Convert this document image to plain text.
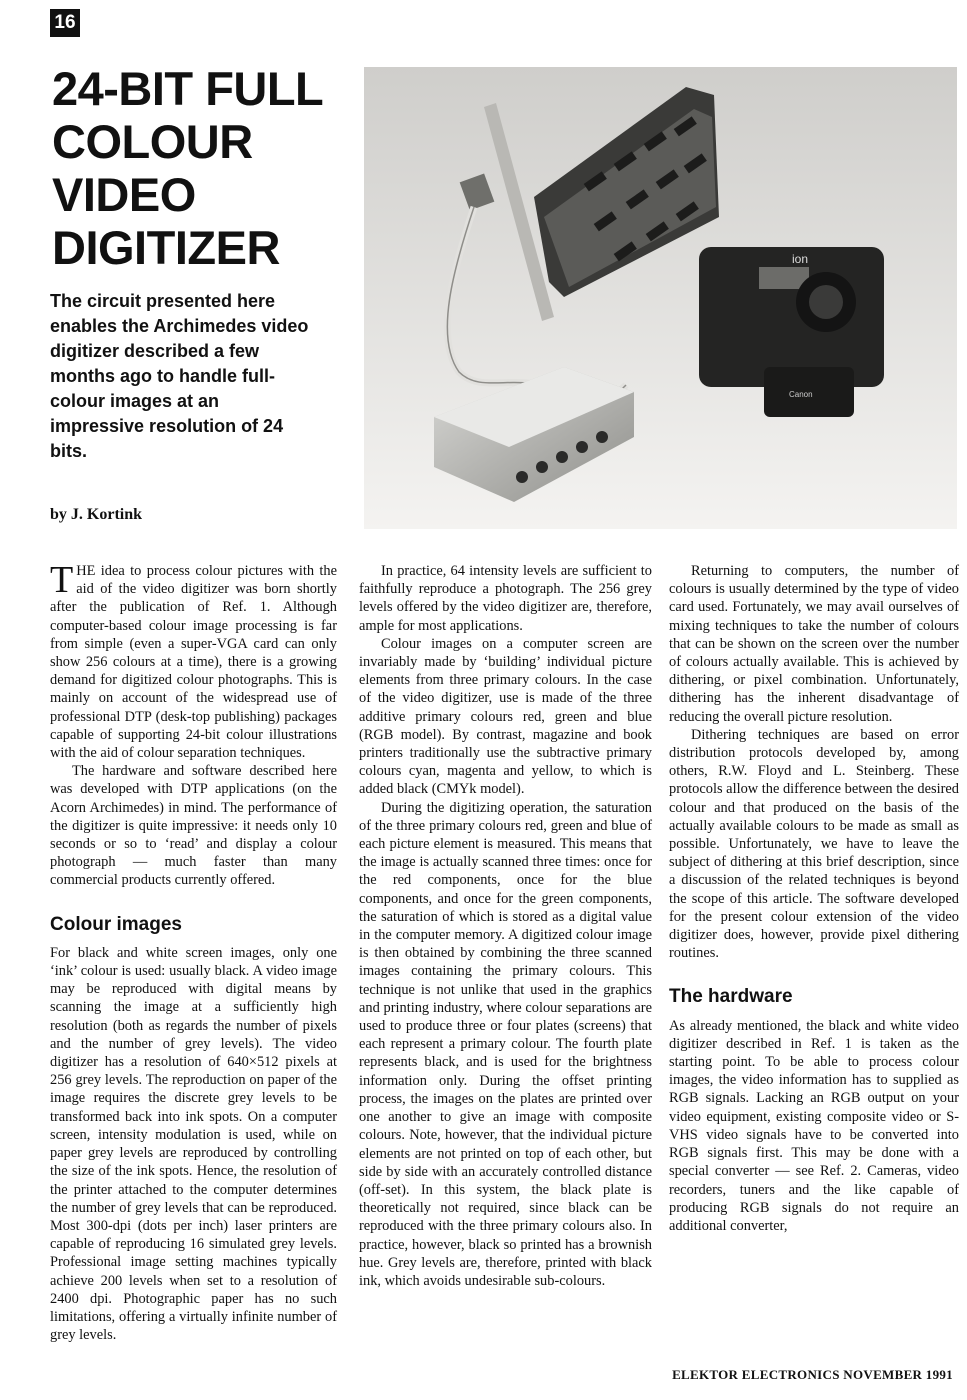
16
24-BIT FULL
COLOUR
VIDEO
DIGITIZER

The circuit presented here enables the Archimedes video digitizer described a few months ago to handle full-colour images at an impressive resolution of 24 bits.

by J. Kortink

ion
Canon

THE idea to process colour pictures with the aid of the video digitizer was born shortly after the publication of Ref. 1. Although computer-based colour image processing is far from simple (even a super-VGA card can only show 256 colours at a time), there is a growing demand for digitized colour photographs. This is mainly on account of the widespread use of professional DTP (desk-top publishing) packages capable of supporting 24-bit colour illustrations with the aid of colour separation techniques.

The hardware and software described here was developed with DTP applications (on the Acorn Archimedes) in mind. The performance of the digitizer is quite impressive: it needs only 10 seconds or so to ‘read’ and display a colour photograph — much faster than many commercial products currently offered.

Colour images

For black and white screen images, only one ‘ink’ colour is used: usually black. A video image may be reproduced with digital means by scanning the image at a sufficiently high resolution (both as regards the number of pixels and the number of grey levels). The video digitizer has a resolution of 640×512 pixels at 256 grey levels. The reproduction on paper of the image requires the discrete grey levels to be transformed back into ink spots. On a computer screen, intensity modulation is used, while on paper grey levels are reproduced by controlling the size of the ink spots. Hence, the resolution of the printer attached to the computer determines the number of grey levels that can be reproduced. Most 300-dpi (dots per inch) laser printers are capable of reproducing 16 simulated grey levels. Professional image setting machines typically achieve 200 levels when set to a resolution of 2400 dpi. Photographic paper has no such limitations, offering a virtually infinite number of grey levels.

In practice, 64 intensity levels are sufficient to faithfully reproduce a photograph. The 256 grey levels offered by the video digitizer are, therefore, ample for most applications.

Colour images on a computer screen are invariably made by ‘building’ individual picture elements from three primary colours. In the case of the video digitizer, use is made of the three additive primary colours red, green and blue (RGB model). By contrast, magazine and book printers traditionally use the subtractive primary colours cyan, magenta and yellow, to which is added black (CMYk model).

During the digitizing operation, the saturation of the three primary colours red, green and blue of each picture element is measured. This means that the image is actually scanned three times: once for the red components, once for the blue components, and once for the green components, the saturation of which is stored as a digital value in the computer memory. A digitized colour image is then obtained by combining the three scanned images containing the primary colours. This technique is not unlike that used in the graphics and printing industry, where colour separations are used to produce three or four plates (screens) that each represent a primary colour. The fourth plate represents black, and is used for the brightness information only. During the offset printing process, the images on the plates are printed over one another to give an image with composite colours. Note, however, that the individual picture elements are not printed on top of each other, but side by side with an accurately controlled distance (off-set). In this system, the black plate is theoretically not required, since black can be reproduced with the three primary colours also. In practice, however, black so printed has a brownish hue. Grey levels are, therefore, printed with black ink, which avoids undesirable sub-colours.

Returning to computers, the number of colours is usually determined by the type of video card used. Fortunately, we may avail ourselves of mixing techniques to take the number of colours that can be shown on the screen over the number of colours actually available. This is achieved by dithering, or pixel combination. Unfortunately, dithering has the inherent disadvantage of reducing the overall picture resolution.

Dithering techniques are based on error distribution protocols developed by, among others, R.W. Floyd and L. Steinberg. These protocols allow the difference between the desired colour and that produced on the basis of the actually available colours to be made as small as possible. Unfortunately, we have to leave the subject of dithering at this brief description, since a discussion of the related techniques is beyond the scope of this article. The software developed for the present colour extension of the video digitizer does, however, provide pixel dithering routines.

The hardware

As already mentioned, the black and white video digitizer described in Ref. 1 is taken as the starting point. To be able to process colour images, the video information has to supplied as RGB signals. Lacking an RGB output on your video equipment, existing composite video or S-VHS video signals have to be converted into RGB signals first. This may be done with a special converter — see Ref. 2. Cameras, video recorders, tuners and the like capable of producing RGB signals do not require an additional converter,

ELEKTOR ELECTRONICS NOVEMBER 1991
